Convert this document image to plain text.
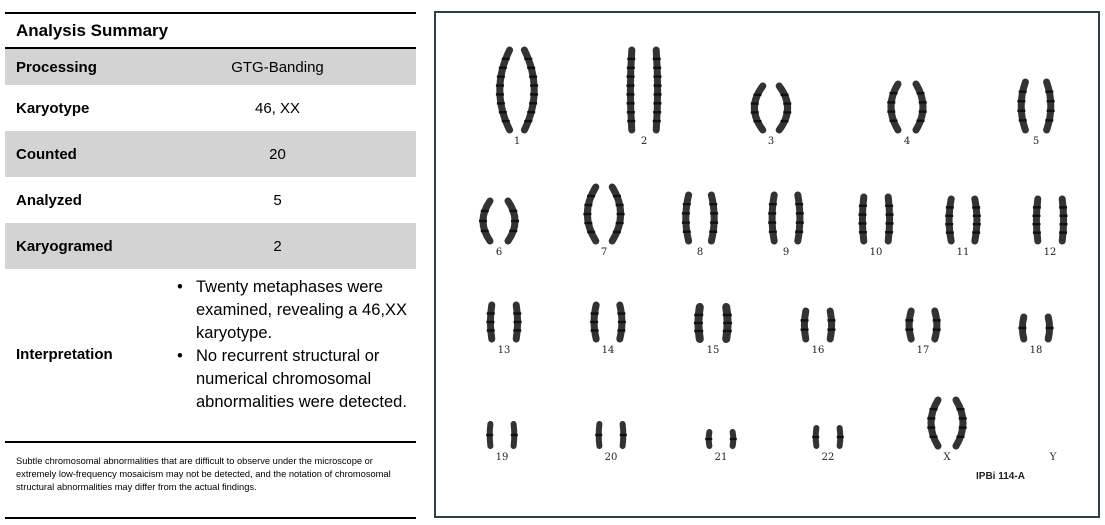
Analysis Summary
Processing	GTG-Banding
Karyotype	46, XX
Counted	20
Analyzed	5
Karyogramed	2
Interpretation
• Twenty metaphases were examined, revealing a 46,XX karyotype.
• No recurrent structural or numerical chromosomal abnormalities were detected.

Subtle chromosomal abnormalities that are difficult to observe under the microscope or extremely low-frequency mosaicism may not be detected, and the notation of chromosomal structural abnormalities may differ from the actual findings.

1	2	3	4	5
6	7	8	9	10	11	12
13	14	15	16	17	18
19	20	21	22	X	Y
IPBi 114-A
